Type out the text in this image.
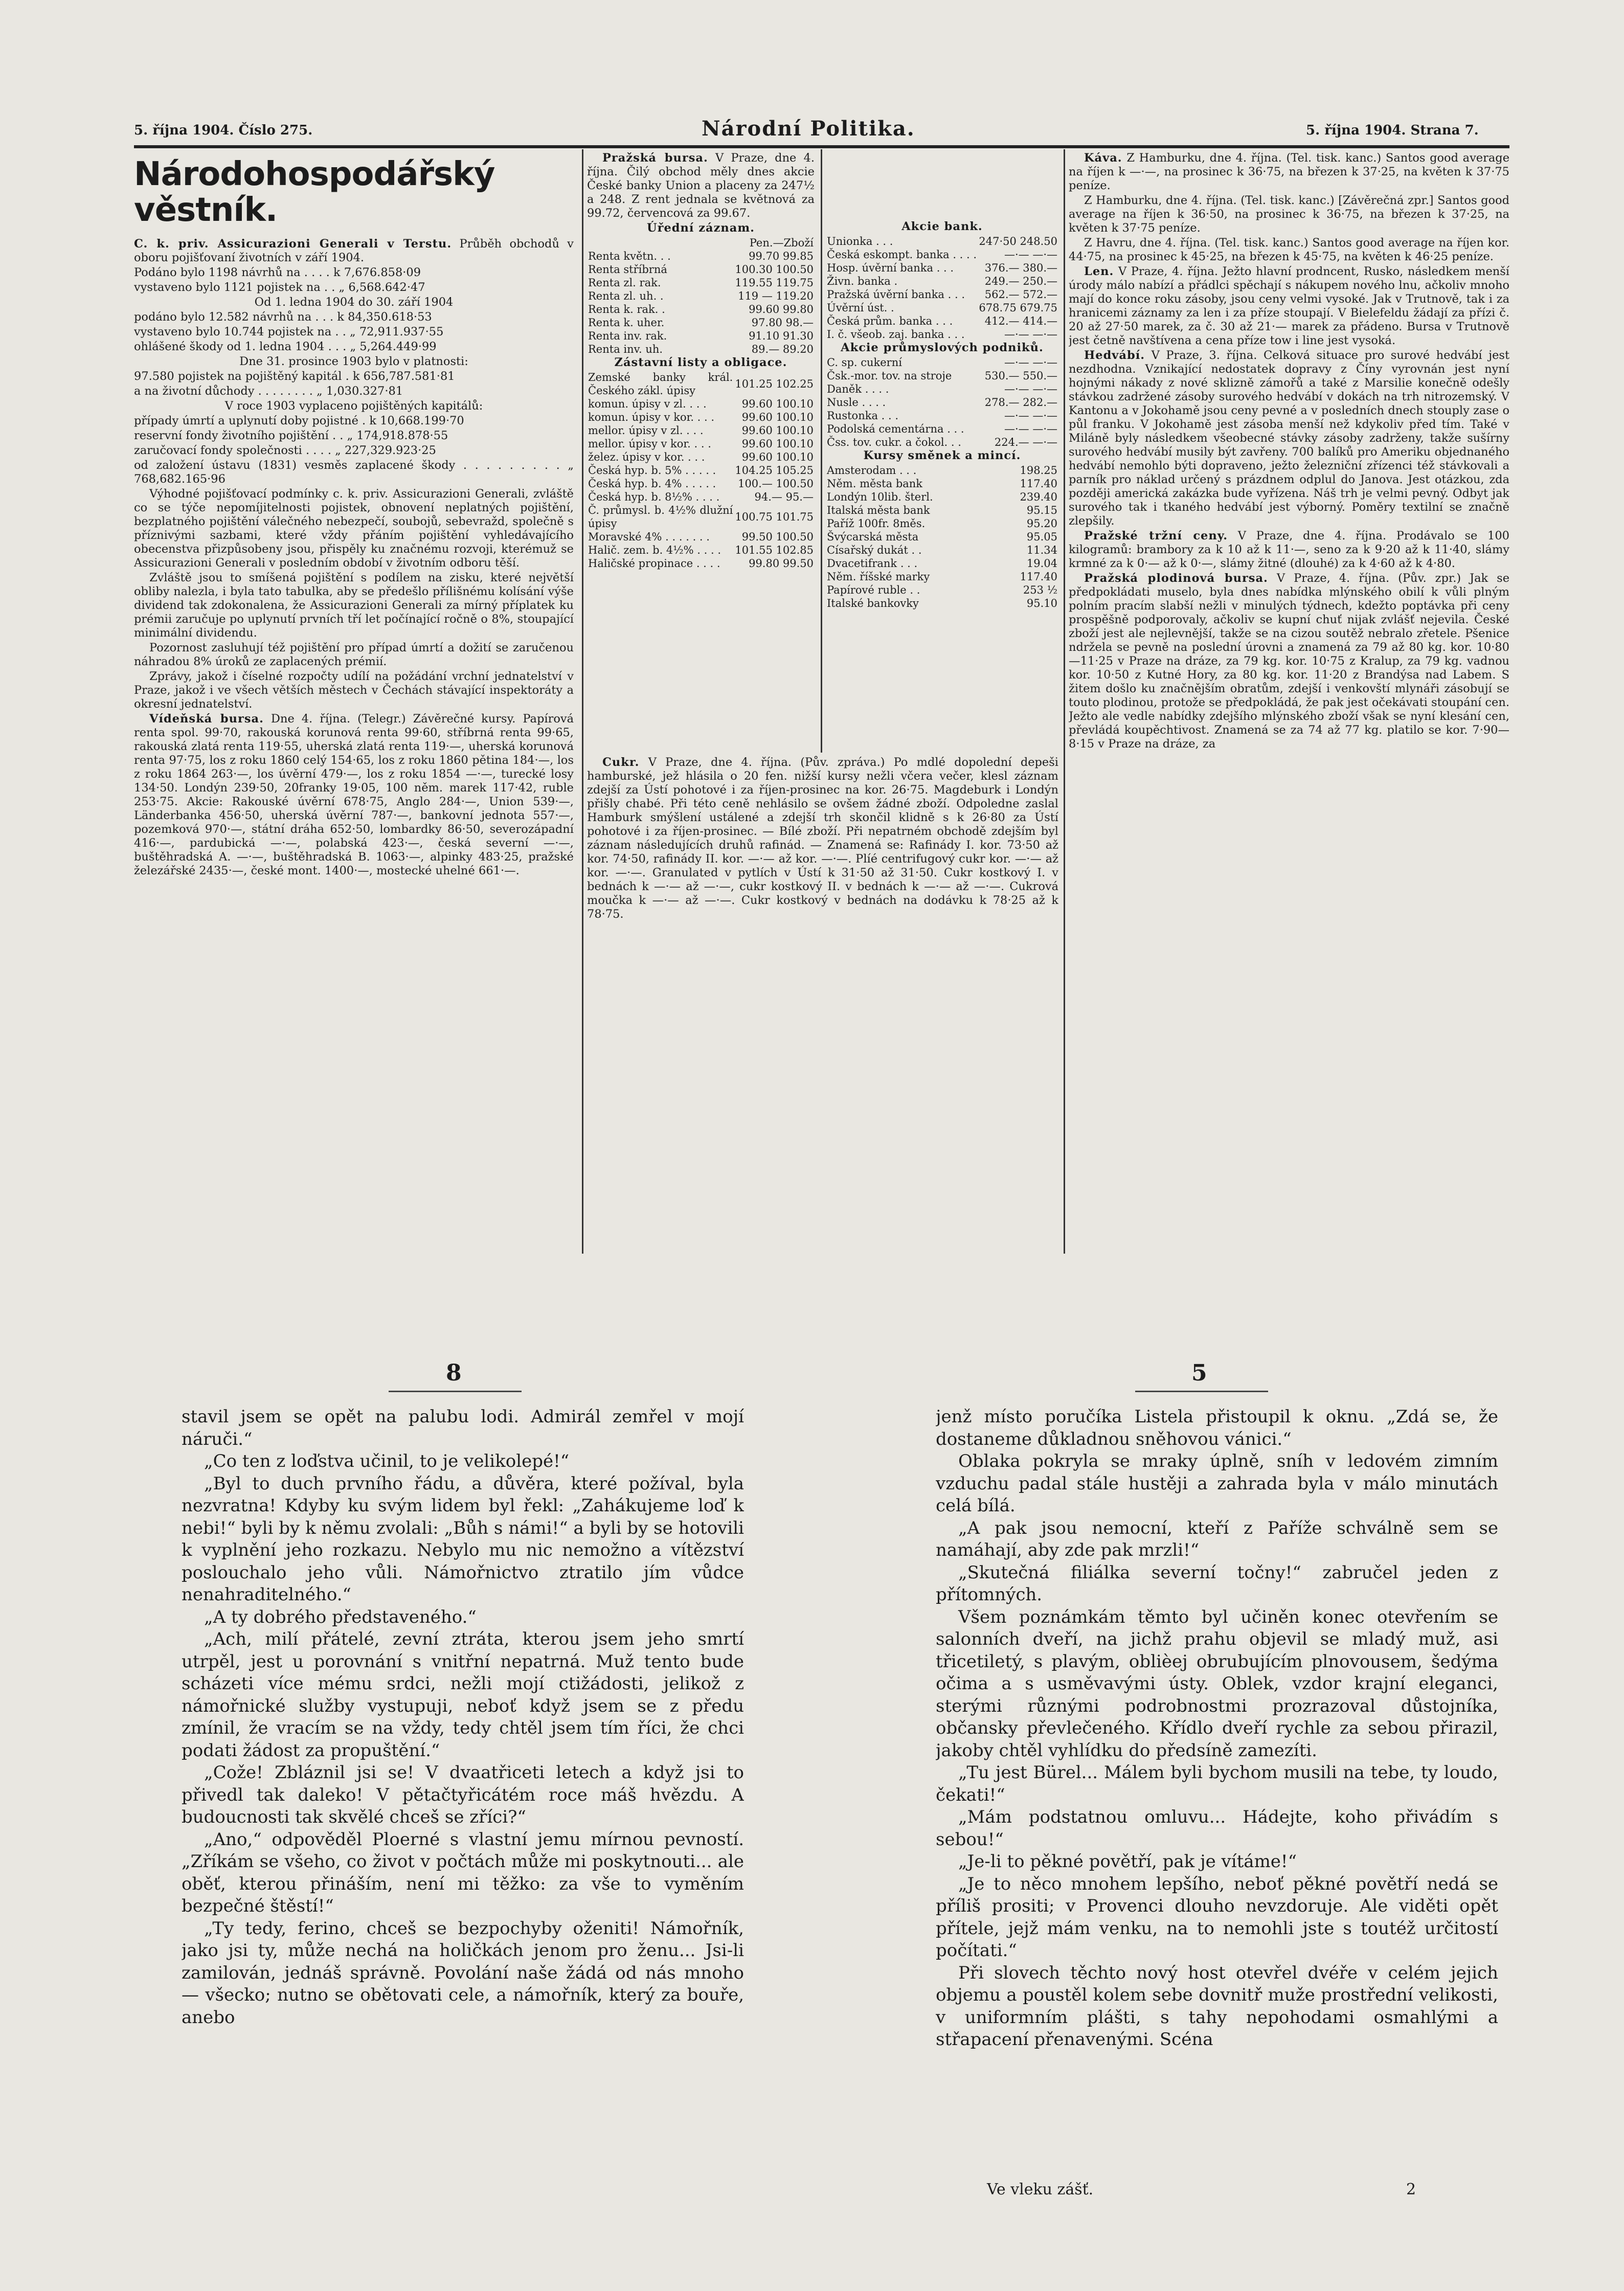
5. října 1904. Číslo 275.	Národní Politika.	5. října 1904. Strana 7.
Národohospodářský věstník.

C. k. priv. Assicurazioni Generali v Terstu. Průběh obchodů v oboru pojišťovaní životních v září 1904.

Podáno bylo 1198 návrhů na . . . . k 7,676.858·09

vystaveno bylo 1121 pojistek na . . „ 6,568.642·47

Od 1. ledna 1904 do 30. září 1904

podáno bylo 12.582 návrhů na . . . k 84,350.618·53

vystaveno bylo 10.744 pojistek na . . „ 72,911.937·55

ohlášené škody od 1. ledna 1904 . . . „ 5,264.449·99

Dne 31. prosince 1903 bylo v platnosti:

97.580 pojistek na pojištěný kapitál . k 656,787.581·81

a na životní důchody . . . . . . . . „ 1,030.327·81

V roce 1903 vyplaceno pojištěných kapitálů:

případy úmrtí a uplynutí doby pojistné . k 10,668.199·70

reservní fondy životního pojištění . . „ 174,918.878·55

zaručovací fondy společnosti . . . . „ 227,329.923·25

od založení ústavu (1831) vesměs zaplacené škody . . . . . . . . . „ 768,682.165·96

Výhodné pojišťovací podmínky c. k. priv. Assicurazioni Generali, zvláště co se týče nepomíjitelnosti pojistek, obnovení neplatných pojištění, bezplatného pojištění válečného nebezpečí, soubojů, sebevražd, společně s příznivými sazbami, které vždy přáním pojištění vyhledávajícího obecenstva přizpůsobeny jsou, přispěly ku značnému rozvoji, kterémuž se Assicurazioni Generali v posledním období v životním odboru těší.

Zvláště jsou to smíšená pojištění s podílem na zisku, které největší obliby nalezla, i byla tato tabulka, aby se předešlo přílišnému kolísání výše dividend tak zdokonalena, že Assicurazioni Generali za mírný příplatek ku prémii zaručuje po uplynutí prvních tří let počínající ročně o 8%, stoupající minimální dividendu.

Pozornost zasluhují též pojištění pro případ úmrtí a dožití se zaručenou náhradou 8% úroků ze zaplacených prémií.

Zprávy, jakož i číselné rozpočty udílí na požádání vrchní jednatelství v Praze, jakož i ve všech větších městech v Čechách stávající inspektoráty a okresní jednatelství.

Vídeňská bursa. Dne 4. října. (Telegr.) Závěrečné kursy. Papírová renta spol. 99·70, rakouská korunová renta 99·60, stříbrná renta 99·65, rakouská zlatá renta 119·55, uherská zlatá renta 119·—, uherská korunová renta 97·75, los z roku 1860 celý 154·65, los z roku 1860 pětina 184·—, los z roku 1864 263·—, los úvěrní 479·—, los z roku 1854 —·—, turecké losy 134·50. Londýn 239·50, 20franky 19·05, 100 něm. marek 117·42, ruble 253·75. Akcie: Rakouské úvěrní 678·75, Anglo 284·—, Union 539·—, Länderbanka 456·50, uherská úvěrní 787·—, bankovní jednota 557·—, pozemková 970·—, státní dráha 652·50, lombardky 86·50, severozápadní 416·—, pardubická —·—, polabská 423·—, česká severní —·—, buštěhradská A. —·—, buštěhradská B. 1063·—, alpinky 483·25, pražské železářské 2435·—, české mont. 1400·—, mostecké uhelné 661·—.

Pražská bursa. V Praze, dne 4. října. Čilý obchod měly dnes akcie České banky Union a placeny za 247½ a 248. Z rent jednala se květnová za 99.72, červencová za 99.67.

Úřední záznam.

	Pen.—Zboží
Renta květn. . .	99.70 99.85
Renta stříbrná	100.30 100.50
Renta zl. rak.	119.55 119.75
Renta zl. uh. .	119 — 119.20
Renta k. rak. .	99.60 99.80
Renta k. uher.	97.80 98.—
Renta inv. rak.	91.10 91.30
Renta inv. uh.	89.— 89.20

Zástavní listy a obligace.

Zemské banky král. Českého zákl. úpisy	101.25 102.25
komun. úpisy v zl. . . .	99.60 100.10
komun. úpisy v kor. . . .	99.60 100.10
mellor. úpisy v zl. . . .	99.60 100.10
mellor. úpisy v kor. . . .	99.60 100.10
želez. úpisy v kor. . . .	99.60 100.10
Česká hyp. b. 5% . . . . .	104.25 105.25
Česká hyp. b. 4% . . . . .	100.— 100.50
Česká hyp. b. 8½% . . . .	94.— 95.—
Č. průmysl. b. 4½% dlužní úpisy	100.75 101.75
Moravské 4% . . . . . . .	99.50 100.50
Halič. zem. b. 4½% . . . .	101.55 102.85
Haličské propinace . . . .	99.80 99.50

Akcie bank.

Unionka . . .	247·50 248.50
Česká eskompt. banka . . . .	—·— —·—
Hosp. úvěrní banka . . .	376.— 380.—
Živn. banka .	249.— 250.—
Pražská úvěrní banka . . .	562.— 572.—
Úvěrní úst. .	678.75 679.75
Česká prům. banka . . .	412.— 414.—
I. č. všeob. zaj. banka . . .	—·— —·—

Akcie průmyslových podniků.

C. sp. cukerní	—·— —·—
Čsk.-mor. tov. na stroje	530.— 550.—
Daněk . . . .	—·— —·—
Nusle . . . .	278.— 282.—
Rustonka . . .	—·— —·—
Podolská cementárna . . .	—·— —·—
Čss. tov. cukr. a čokol. . .	224.— —·—

Kursy směnek a mincí.

Amsterodam . . .	198.25
Něm. města bank	117.40
Londýn 10lib. šterl.	239.40
Italská města bank	95.15
Paříž 100fr. 8měs.	95.20
Švýcarská města	95.05
Císařský dukát . .	11.34
Dvacetifrank . . .	19.04
Něm. říšské marky	117.40
Papírové ruble . .	253 ½
Italské bankovky	95.10

Cukr. V Praze, dne 4. října. (Pův. zpráva.) Po mdlé dopolední depeši hamburské, jež hlásila o 20 fen. nižší kursy nežli včera večer, klesl záznam zdejší za Ústí pohotové i za říjen-prosinec na kor. 26·75. Magdeburk i Londýn přišly chabé. Při této ceně nehlásilo se ovšem žádné zboží. Odpoledne zaslal Hamburk smýšlení ustálené a zdejší trh skončil klidně s k 26·80 za Ústí pohotové i za říjen-prosinec. — Bílé zboží. Při nepatrném obchodě zdejším byl záznam následujících druhů rafinád. — Znamená se: Rafinády I. kor. 73·50 až kor. 74·50, rafinády II. kor. —·— až kor. —·—. Plíé centrifugový cukr kor. —·— až kor. —·—. Granulated v pytlích v Ústí k 31·50 až 31·50. Cukr kostkový I. v bednách k —·— až —·—, cukr kostkový II. v bednách k —·— až —·—. Cukrová moučka k —·— až —·—. Cukr kostkový v bednách na dodávku k 78·25 až k 78·75.

Káva. Z Hamburku, dne 4. října. (Tel. tisk. kanc.) Santos good average na říjen k —·—, na prosinec k 36·75, na březen k 37·25, na květen k 37·75 peníze.

Z Hamburku, dne 4. října. (Tel. tisk. kanc.) [Závěrečná zpr.] Santos good average na říjen k 36·50, na prosinec k 36·75, na březen k 37·25, na květen k 37·75 peníze.

Z Havru, dne 4. října. (Tel. tisk. kanc.) Santos good average na říjen kor. 44·75, na prosinec k 45·25, na březen k 45·75, na květen k 46·25 peníze.

Len. V Praze, 4. října. Ježto hlavní prodncent, Rusko, následkem menší úrody málo nabízí a přádlci spěchají s nákupem nového lnu, ačkoliv mnoho mají do konce roku zásoby, jsou ceny velmi vysoké. Jak v Trutnově, tak i za hranicemi záznamy za len i za příze stoupají. V Bielefeldu žádají za přízi č. 20 až 27·50 marek, za č. 30 až 21·— marek za přádeno. Bursa v Trutnově jest četně navštívena a cena příze tow i line jest vysoká.

Hedvábí. V Praze, 3. října. Celková situace pro surové hedvábí jest nezdhodna. Vznikající nedostatek dopravy z Číny vyrovnán jest nyní hojnými nákady z nové sklizně zámořů a také z Marsilie konečně odešly stávkou zadržené zásoby surového hedvábí v dokách na trh nitrozemský. V Kantonu a v Jokohamě jsou ceny pevné a v posledních dnech stouply zase o půl franku. V Jokohamě jest zásoba menší než kdykoliv před tím. Také v Miláně byly následkem všeobecné stávky zásoby zadrženy, takže sušírny surového hedvábí musily být zavřeny. 700 balíků pro Ameriku objednaného hedvábí nemohlo býti dopraveno, ježto železniční zřízenci též stávkovali a parník pro náklad určený s prázdnem odplul do Janova. Jest otázkou, zda později americká zakázka bude vyřízena. Náš trh je velmi pevný. Odbyt jak surového tak i tkaného hedvábí jest výborný. Poměry textilní se značně zlepšily.

Pražské tržní ceny. V Praze, dne 4. října. Prodávalo se 100 kilogramů: brambory za k 10 až k 11·—, seno za k 9·20 až k 11·40, slámy krmné za k 0·— až k 0·—, slámy žitné (dlouhé) za k 4·60 až k 4·80.

Pražská plodinová bursa. V Praze, 4. října. (Pův. zpr.) Jak se předpokládati muselo, byla dnes nabídka mlýnského obilí k vůli plným polním pracím slabší nežli v minulých týdnech, kdežto poptávka při ceny prospěšně podporovaly, ačkoliv se kupní chuť nijak zvlášť nejevila. České zboží jest ale nejlevnější, takže se na cizou soutěž nebralo zřetele. Pšenice ndržela se pevně na poslední úrovni a znamená za 79 až 80 kg. kor. 10·80—11·25 v Praze na dráze, za 79 kg. kor. 10·75 z Kralup, za 79 kg. vadnou kor. 10·50 z Kutné Hory, za 80 kg. kor. 11·20 z Brandýsa nad Labem. S žitem došlo ku značnějším obratům, zdejší i venkovští mlynáři zásobují se touto plodinou, protože se předpokládá, že pak jest očekávati stoupání cen. Ježto ale vedle nabídky zdejšího mlýnského zboží však se nyní klesání cen, převládá koupěchtivost. Znamená se za 74 až 77 kg. platilo se kor. 7·90—8·15 v Praze na dráze, za

8	5

stavil jsem se opět na palubu lodi. Admirál zemřel v mojí náruči.“

„Co ten z loďstva učinil, to je velikolepé!“

„Byl to duch prvního řádu, a důvěra, které požíval, byla nezvratna! Kdyby ku svým lidem byl řekl: „Zahákujeme loď k nebi!“ byli by k němu zvolali: „Bůh s námi!“ a byli by se hotovili k vyplnění jeho rozkazu. Nebylo mu nic nemožno a vítězství poslouchalo jeho vůli. Námořnictvo ztratilo jím vůdce nenahraditelného.“

„A ty dobrého představeného.“

„Ach, milí přátelé, zevní ztráta, kterou jsem jeho smrtí utrpěl, jest u porovnání s vnitřní nepatrná. Muž tento bude scházeti více mému srdci, nežli mojí ctižádosti, jelikož z námořnické služby vystupuji, neboť když jsem se z předu zmínil, že vracím se na vždy, tedy chtěl jsem tím říci, že chci podati žádost za propuštění.“

„Cože! Zbláznil jsi se! V dvaatřiceti letech a když jsi to přivedl tak daleko! V pětačtyřicátém roce máš hvězdu. A budoucnosti tak skvělé chceš se zříci?“

„Ano,“ odpověděl Ploerné s vlastní jemu mírnou pevností. „Zříkám se všeho, co život v počtách může mi poskytnouti... ale oběť, kterou přináším, není mi těžko: za vše to vyměním bezpečné štěstí!“

„Ty tedy, ferino, chceš se bezpochyby oženiti! Námořník, jako jsi ty, může nechá na holičkách jenom pro ženu... Jsi-li zamilován, jednáš správně. Povolání naše žádá od nás mnoho — všecko; nutno se obětovati cele, a námořník, který za bouře, anebo

jenž místo poručíka Listela přistoupil k oknu. „Zdá se, že dostaneme důkladnou sněhovou vánici.“

Oblaka pokryla se mraky úplně, sníh v ledovém zimním vzduchu padal stále hustěji a zahrada byla v málo minutách celá bílá.

„A pak jsou nemocní, kteří z Paříže schválně sem se namáhají, aby zde pak mrzli!“

„Skutečná filiálka severní točny!“ zabručel jeden z přítomných.

Všem poznámkám těmto byl učiněn konec otevřením se salonních dveří, na jichž prahu objevil se mladý muž, asi třicetiletý, s plavým, oblièej obrubujícím plnovousem, šedýma očima a s usměvavými ústy. Oblek, vzdor krajní eleganci, sterými různými podrobnostmi prozrazoval důstojníka, občansky převlečeného. Křídlo dveří rychle za sebou přirazil, jakoby chtěl vyhlídku do předsíně zamezíti.

„Tu jest Bürel... Málem byli bychom musili na tebe, ty loudo, čekati!“

„Mám podstatnou omluvu... Hádejte, koho přivádím s sebou!“

„Je-li to pěkné povětří, pak je vítáme!“

„Je to něco mnohem lepšího, neboť pěkné povětří nedá se příliš prositi; v Provenci dlouho nevzdoruje. Ale viděti opět přítele, jejž mám venku, na to nemohli jste s toutéž určitostí počítati.“

Při slovech těchto nový host otevřel dvéře v celém jejich objemu a poustěl kolem sebe dovnitř muže prostřední velikosti, v uniformním plášti, s tahy nepohodami osmahlými a střapacení přenavenými. Scéna

Ve vleku zášť.	2
